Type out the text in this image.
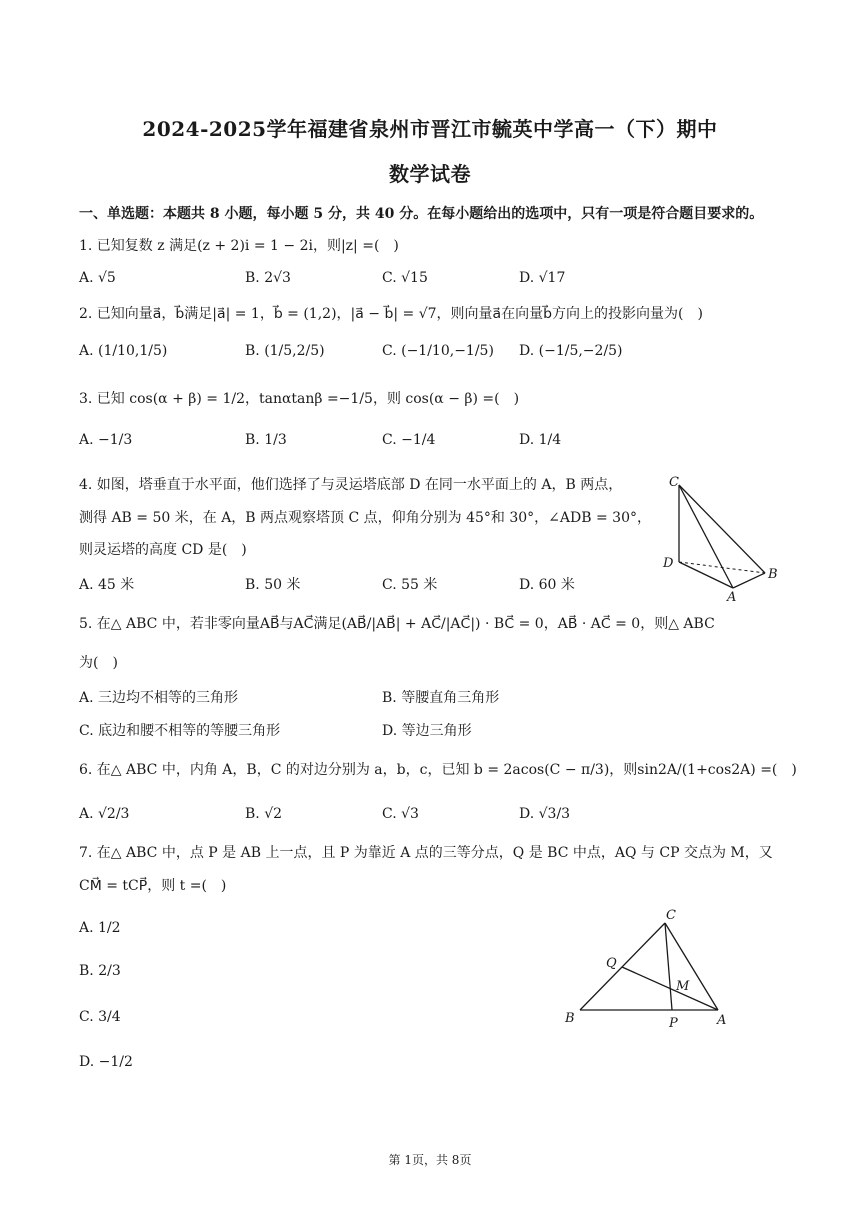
2024-2025学年福建省泉州市晋江市毓英中学高一（下）期中
数学试卷
一、单选题：本题共 8 小题，每小题 5 分，共 40 分。在每小题给出的选项中，只有一项是符合题目要求的。
1. 已知复数 z 满足(z + 2)i = 1 − 2i，则|z| =(　)
A. √5	B. 2√3	C. √15	D. √17
2. 已知向量a⃗，b⃗满足|a⃗| = 1，b⃗ = (1,2)，|a⃗ − b⃗| = √7，则向量a⃗在向量b⃗方向上的投影向量为(　)
A. (1/10,1/5)	B. (1/5,2/5)	C. (−1/10,−1/5) D. (−1/5,−2/5)
3. 已知 cos(α + β) = 1/2，tanαtanβ =−1/5，则 cos(α − β) =(　)
A. −1/3	B. 1/3	C. −1/4	D. 1/4
4. 如图，塔垂直于水平面，他们选择了与灵运塔底部 D 在同一水平面上的 A，B 两点，
测得 AB = 50 米，在 A，B 两点观察塔顶 C 点，仰角分别为 45°和 30°，∠ADB = 30°，
则灵运塔的高度 CD 是(　)
A. 45 米	B. 50 米	C. 55 米	D. 60 米
C
D
A
B
5. 在△ ABC 中，若非零向量AB⃗与AC⃗满足(AB⃗/|AB⃗| + AC⃗/|AC⃗|) · BC⃗ = 0，AB⃗ · AC⃗ = 0，则△ ABC
为(　)
A. 三边均不相等的三角形	B. 等腰直角三角形
C. 底边和腰不相等的等腰三角形	D. 等边三角形
6. 在△ ABC 中，内角 A，B，C 的对边分别为 a，b，c，已知 b = 2acos(C − π/3)，则sin2A/(1+cos2A) =(　)
A. √2/3	B. √2	C. √3	D. √3/3
7. 在△ ABC 中，点 P 是 AB 上一点，且 P 为靠近 A 点的三等分点，Q 是 BC 中点，AQ 与 CP 交点为 M，又
CM⃗ = tCP⃗，则 t =(　)
A. 1/2
B. 2/3
C. 3/4
D. −1/2
C
Q
M
B	P	A
第 1页，共 8页
